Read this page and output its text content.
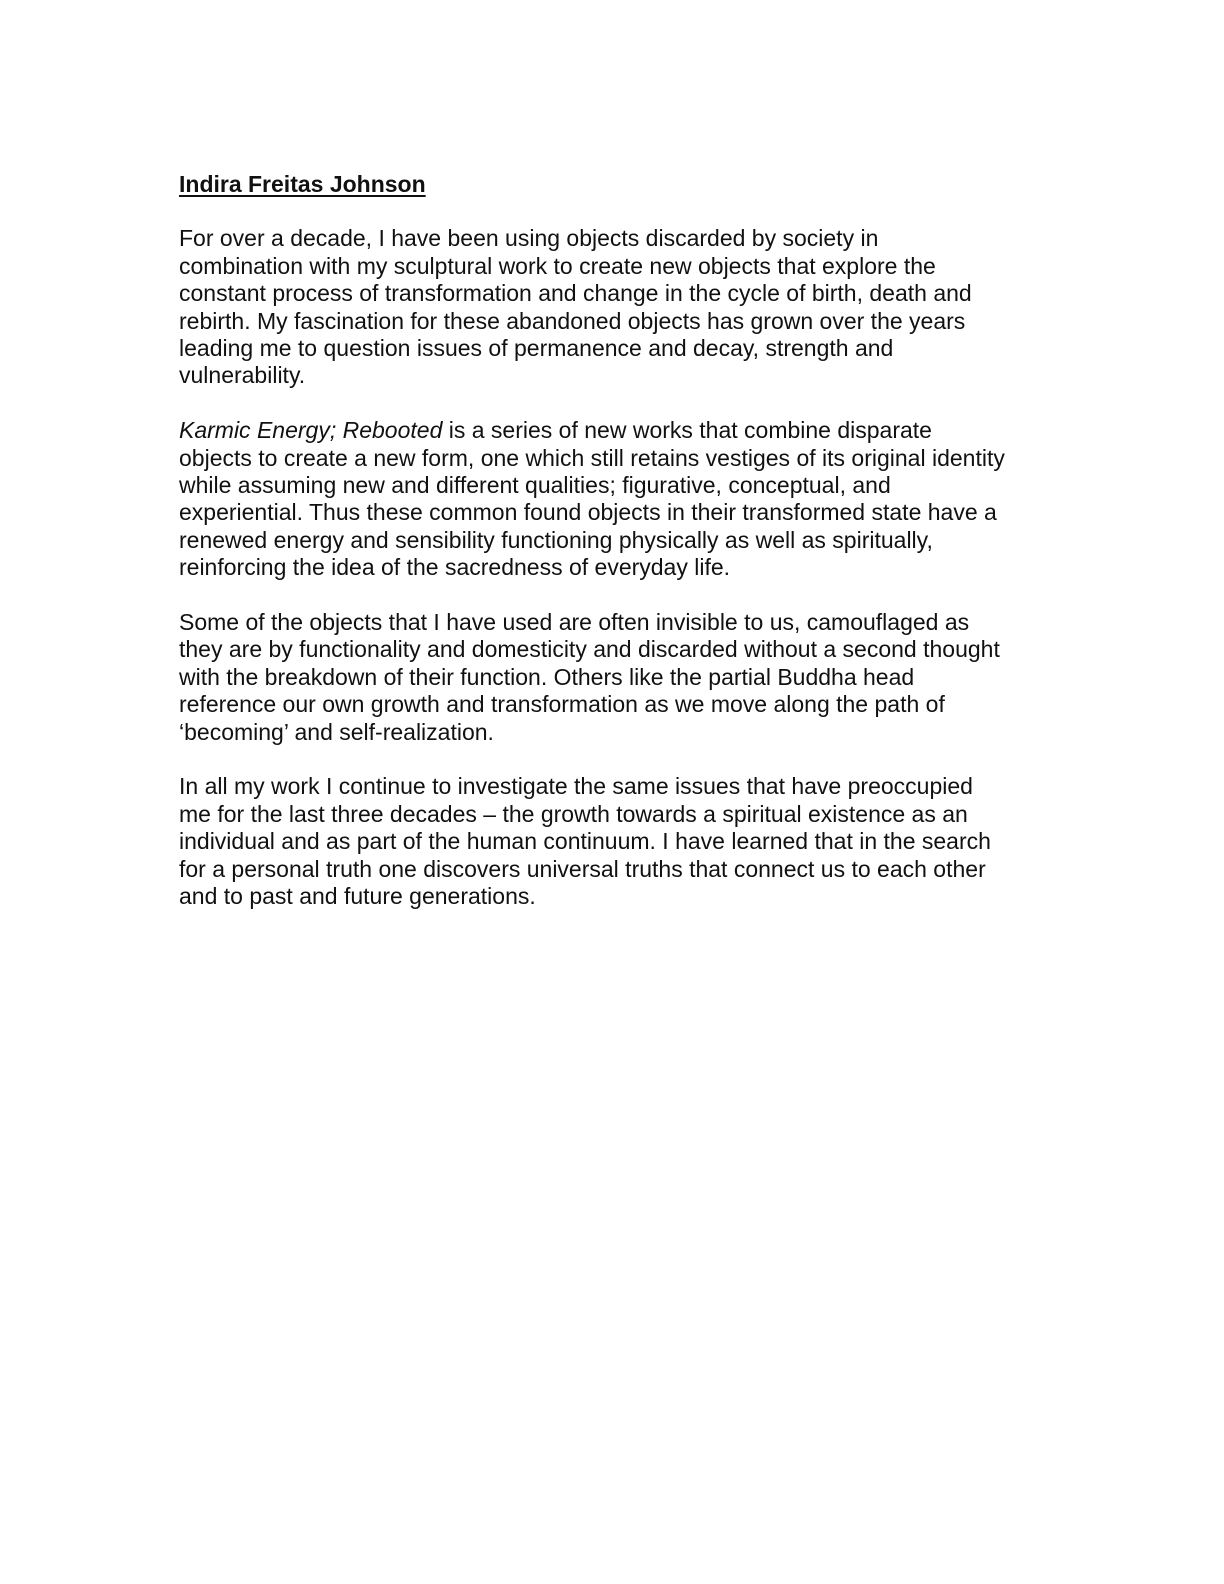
Indira Freitas Johnson
For over a decade, I have been using objects discarded by society in
combination with my sculptural work to create new objects that explore the
constant process of transformation and change in the cycle of birth, death and
rebirth. My fascination for these abandoned objects has grown over the years
leading me to question issues of permanence and decay, strength and
vulnerability.
Karmic Energy; Rebooted is a series of new works that combine disparate
objects to create a new form, one which still retains vestiges of its original identity
while assuming new and different qualities; figurative, conceptual, and
experiential. Thus these common found objects in their transformed state have a
renewed energy and sensibility functioning physically as well as spiritually,
reinforcing the idea of the sacredness of everyday life.
Some of the objects that I have used are often invisible to us, camouflaged as
they are by functionality and domesticity and discarded without a second thought
with the breakdown of their function. Others like the partial Buddha head
reference our own growth and transformation as we move along the path of
‘becoming’ and self-realization.
In all my work I continue to investigate the same issues that have preoccupied
me for the last three decades – the growth towards a spiritual existence as an
individual and as part of the human continuum. I have learned that in the search
for a personal truth one discovers universal truths that connect us to each other
and to past and future generations.
